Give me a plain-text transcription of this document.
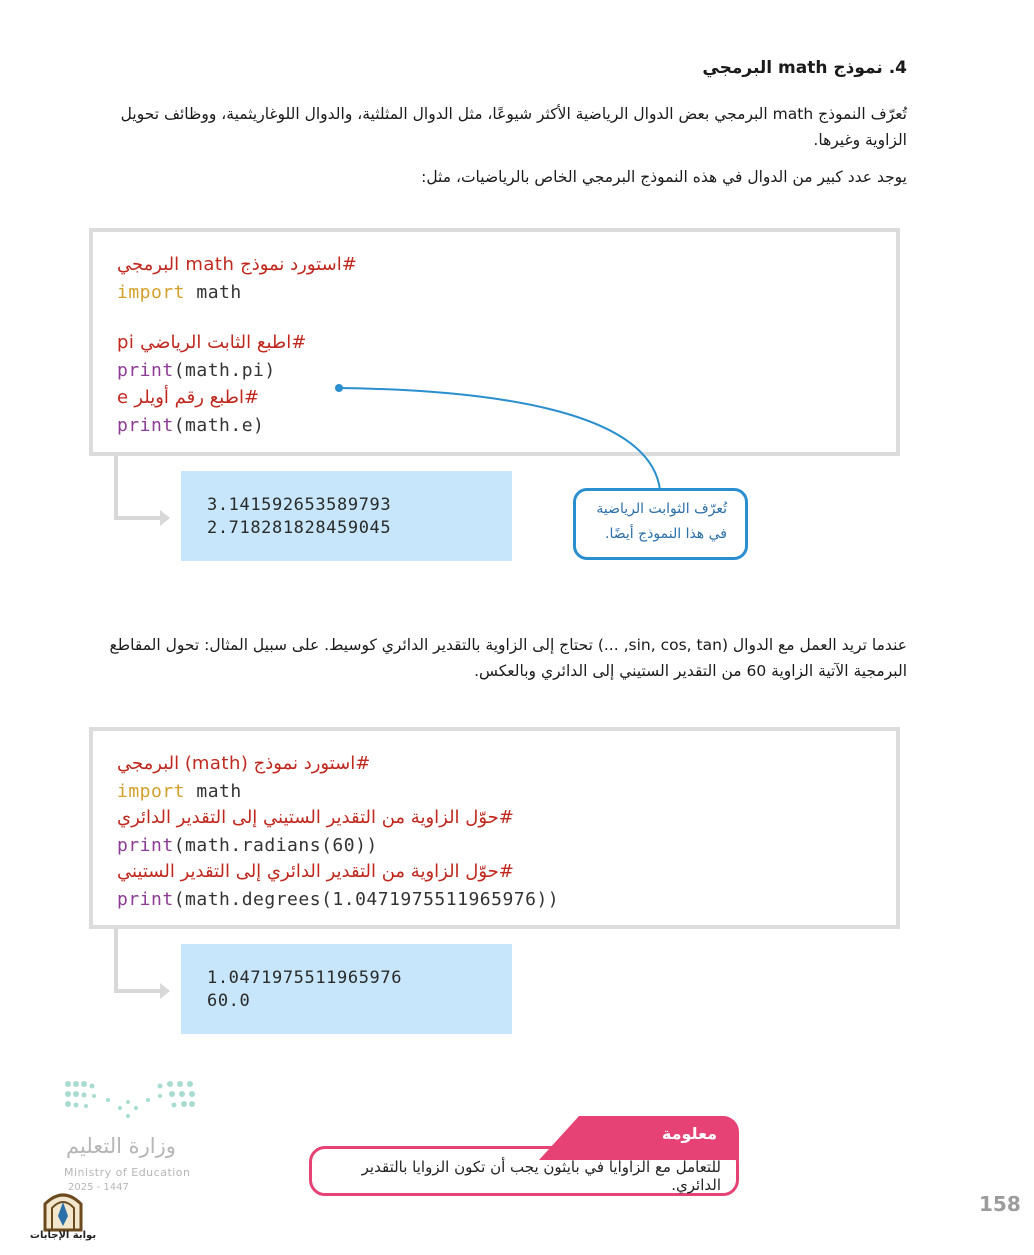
4. نموذج math البرمجي
تُعرّف النموذج math البرمجي بعض الدوال الرياضية الأكثر شيوعًا، مثل الدوال المثلثية، والدوال اللوغاريثمية، ووظائف تحويل الزاوية وغيرها.
يوجد عدد كبير من الدوال في هذه النموذج البرمجي الخاص بالرياضيات، مثل:
#استورد نموذج math البرمجي
import math
#اطبع الثابت الرياضي pi
print(math.pi)
#اطبع رقم أويلر e
print(math.e)
3.141592653589793
2.718281828459045
تُعرّف الثوابت الرياضية
في هذا النموذج أيضًا.
عندما تريد العمل مع الدوال (sin, cos, tan, ...) تحتاج إلى الزاوية بالتقدير الدائري كوسيط. على سبيل المثال: تحول المقاطع البرمجية الآتية الزاوية 60 من التقدير الستيني إلى الدائري وبالعكس.
#استورد نموذج (math) البرمجي
import math
#حوّل الزاوية من التقدير الستيني إلى التقدير الدائري
print(math.radians(60))
#حوّل الزاوية من التقدير الدائري إلى التقدير الستيني
print(math.degrees(1.0471975511965976))
1.0471975511965976
60.0
معلومة
للتعامل مع الزاوايا في بايثون يجب أن تكون الزوايا بالتقدير الدائري.
وزارة التعليم
Ministry of Education
2025 - 1447
بوابة الإجابات
158
